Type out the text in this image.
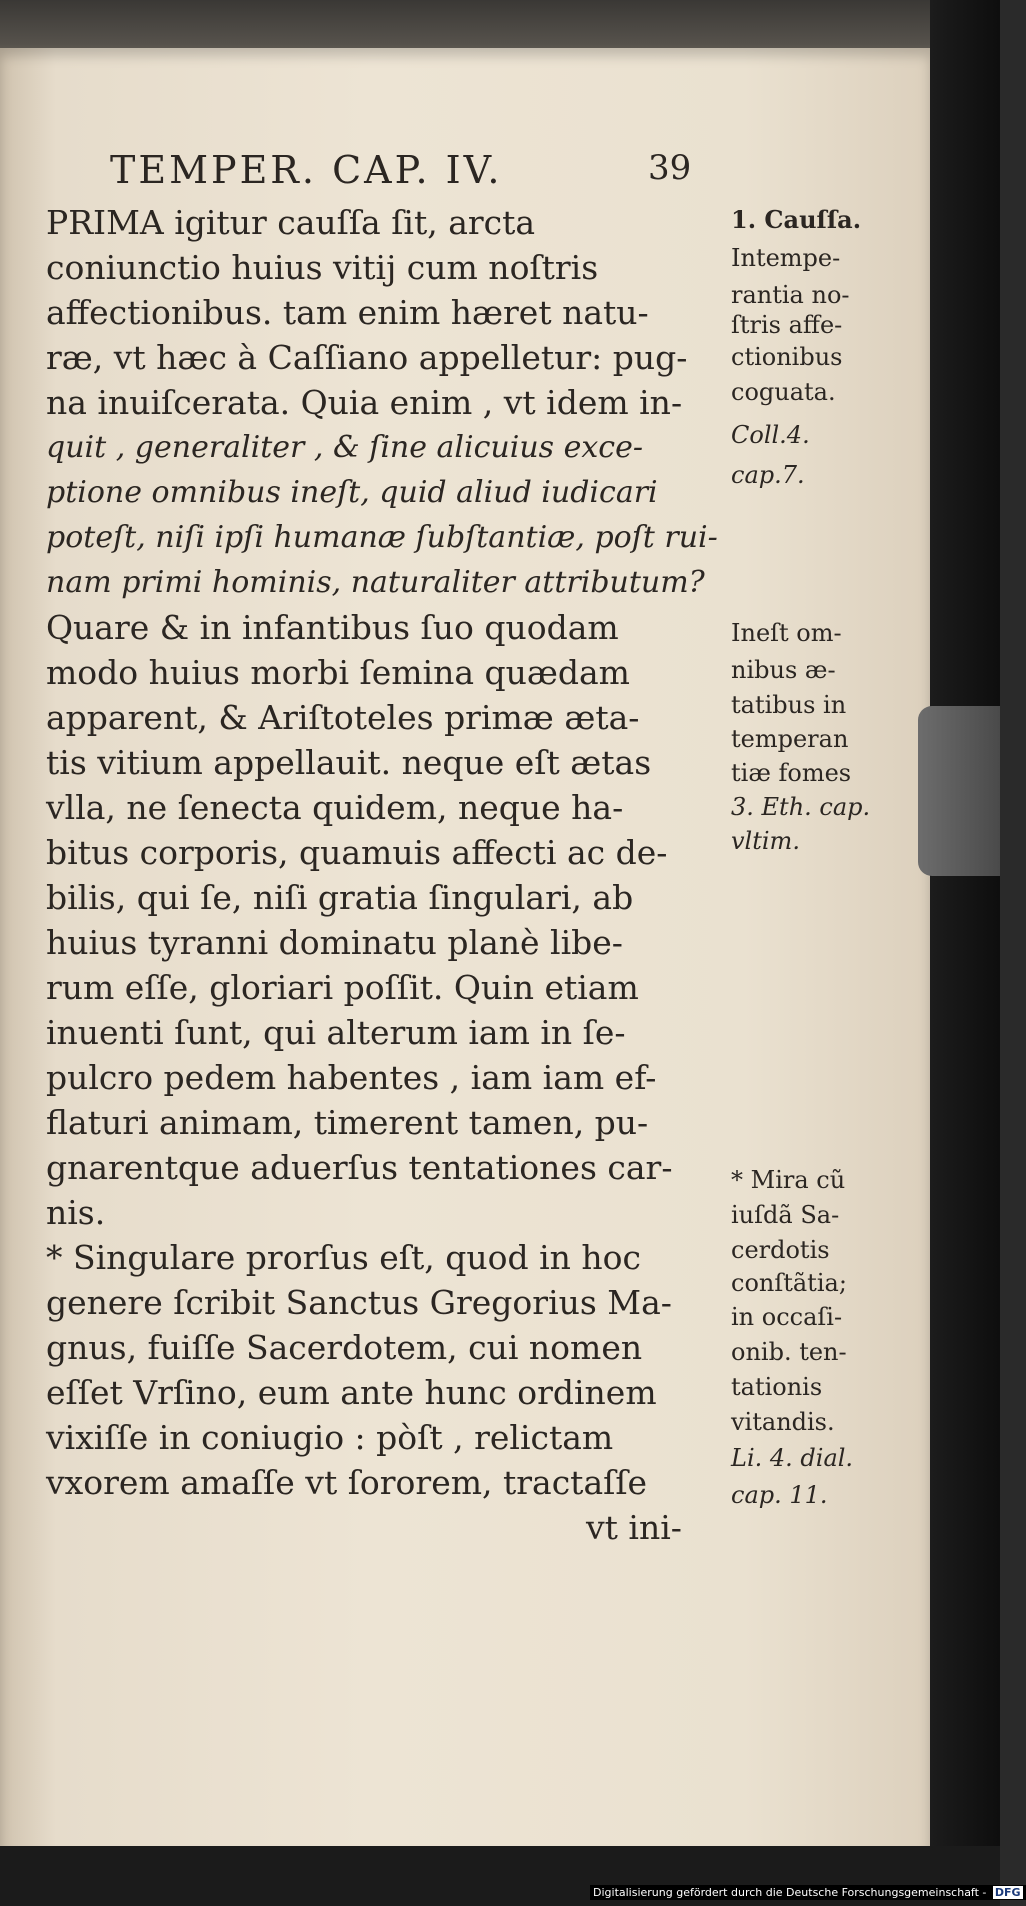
TEMPER. CAP. IV.	39
PRIMA igitur cauſſa ſit, arcta
coniunctio huius vitij cum noſtris
affectionibus. tam enim hæret natu-
ræ, vt hæc à Caſſiano appelletur: pug-
na inuiſcerata. Quia enim , vt idem in-
quit , generaliter , & ſine alicuius exce-
ptione omnibus ineſt, quid aliud iudicari
poteſt, niſi ipſi humanæ ſubſtantiæ, poſt rui-
nam primi hominis, naturaliter attributum?
Quare & in infantibus ſuo quodam
modo huius morbi ſemina quædam
apparent, & Ariſtoteles primæ æta-
tis vitium appellauit. neque eſt ætas
vlla, ne ſenecta quidem, neque ha-
bitus corporis, quamuis affecti ac de-
bilis, qui ſe, niſi gratia ſingulari, ab
huius tyranni dominatu planè libe-
rum eſſe, gloriari poſſit. Quin etiam
inuenti ſunt, qui alterum iam in ſe-
pulcro pedem habentes , iam iam ef-
flaturi animam, timerent tamen, pu-
gnarentque aduerſus tentationes car-
nis.
* Singulare prorſus eſt, quod in hoc
genere ſcribit Sanctus Gregorius Ma-
gnus, fuiſſe Sacerdotem, cui nomen
eſſet Vrſino, eum ante hunc ordinem
vixiſſe in coniugio : pòſt , relictam
vxorem amaſſe vt ſororem, tractaſſe
vt ini-
1. Cauſſa.
Intempe-
rantia no-
ſtris affe-
ctionibus
coguata.
Coll.4.
cap.7.
Ineſt om-
nibus æ-
tatibus in
temperan
tiæ fomes
3. Eth. cap.
vltim.
* Mira cũ
iuſdã Sa-
cerdotis
conſtãtia;
in occaſi-
onib. ten-
tationis
vitandis.
Li. 4. dial.
cap. 11.
Digitalisierung gefördert durch die Deutsche Forschungsgemeinschaft - DFG
